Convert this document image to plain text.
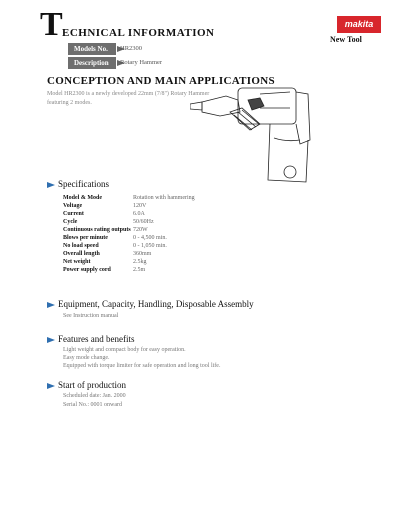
T ECHNICAL INFORMATION
makita
New Tool
Models No.	HR2300
Description	Rotary Hammer
CONCEPTION AND MAIN APPLICATIONS
Model HR2300 is a newly developed 22mm (7/8") Rotary Hammer
featuring 2 modes.
Specifications
Model & Mode	Rotation with hammering
Voltage	120V
Current	6.0A
Cycle	50/60Hz
Continuous rating outputs 720W
Blows per minute	0 - 4,500 min.
No load speed	0 - 1,050 min.
Overall length	360mm
Net weight	2.5kg
Power supply cord	2.5m
Equipment, Capacity, Handling, Disposable Assembly
See Instruction manual
Features and benefits
Light weight and compact body for easy operation.
Easy mode change.
Equipped with torque limiter for safe operation and long tool life.
Start of production
Scheduled date: Jan. 2000
Serial No.: 0001 onward
